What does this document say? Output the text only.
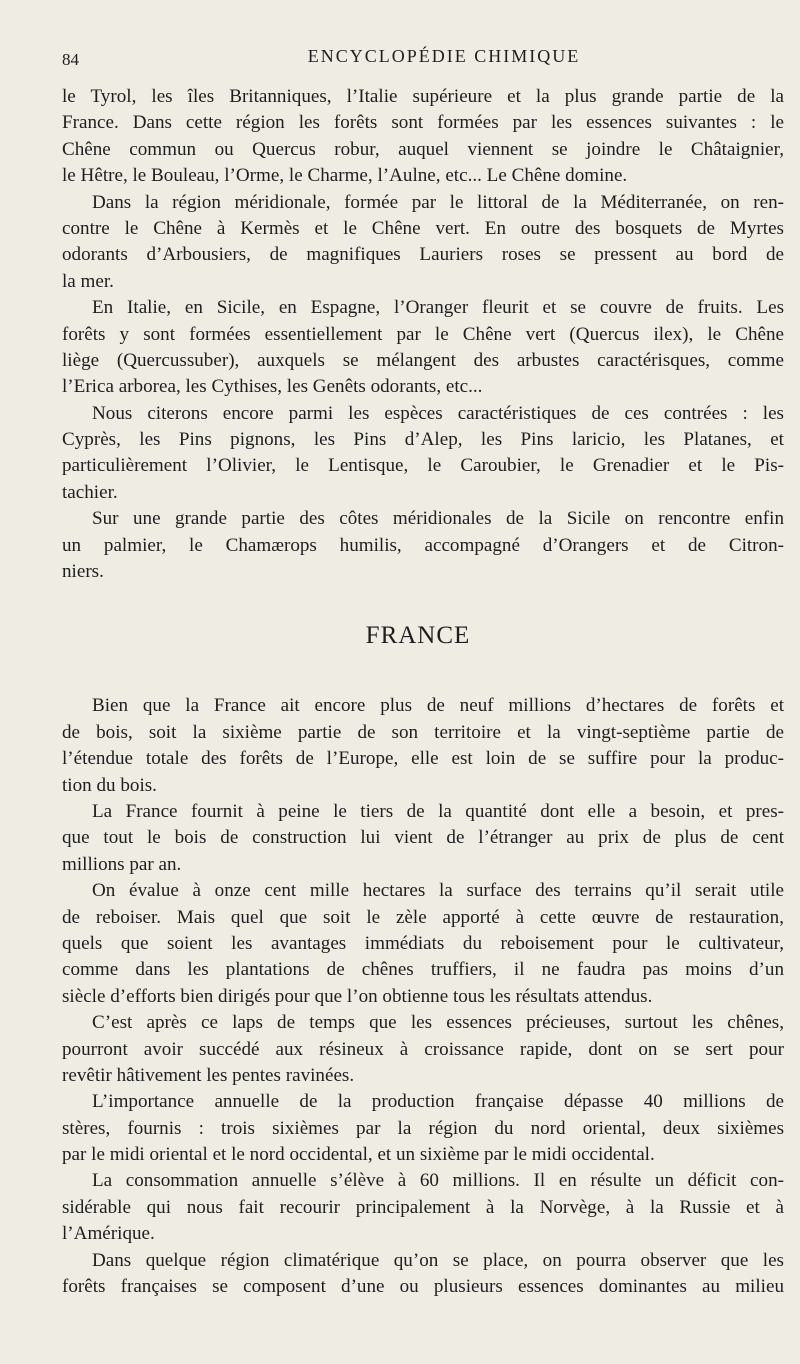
84	ENCYCLOPÉDIE CHIMIQUE
le Tyrol, les îles Britanniques, l’Italie supérieure et la plus grande partie de la
France. Dans cette région les forêts sont formées par les essences suivantes : le
Chêne commun ou Quercus robur, auquel viennent se joindre le Châtaignier,
le Hêtre, le Bouleau, l’Orme, le Charme, l’Aulne, etc... Le Chêne domine.
Dans la région méridionale, formée par le littoral de la Méditerranée, on ren-
contre le Chêne à Kermès et le Chêne vert. En outre des bosquets de Myrtes
odorants d’Arbousiers, de magnifiques Lauriers roses se pressent au bord de
la mer.
En Italie, en Sicile, en Espagne, l’Oranger fleurit et se couvre de fruits. Les
forêts y sont formées essentiellement par le Chêne vert (Quercus ilex), le Chêne
liège (Quercussuber), auxquels se mélangent des arbustes caractérisques, comme
l’Erica arborea, les Cythises, les Genêts odorants, etc...
Nous citerons encore parmi les espèces caractéristiques de ces contrées : les
Cyprès, les Pins pignons, les Pins d’Alep, les Pins laricio, les Platanes, et
particulièrement l’Olivier, le Lentisque, le Caroubier, le Grenadier et le Pis-
tachier.
Sur une grande partie des côtes méridionales de la Sicile on rencontre enfin
un palmier, le Chamærops humilis, accompagné d’Orangers et de Citron-
niers.
FRANCE
Bien que la France ait encore plus de neuf millions d’hectares de forêts et
de bois, soit la sixième partie de son territoire et la vingt-septième partie de
l’étendue totale des forêts de l’Europe, elle est loin de se suffire pour la produc-
tion du bois.
La France fournit à peine le tiers de la quantité dont elle a besoin, et pres-
que tout le bois de construction lui vient de l’étranger au prix de plus de cent
millions par an.
On évalue à onze cent mille hectares la surface des terrains qu’il serait utile
de reboiser. Mais quel que soit le zèle apporté à cette œuvre de restauration,
quels que soient les avantages immédiats du reboisement pour le cultivateur,
comme dans les plantations de chênes truffiers, il ne faudra pas moins d’un
siècle d’efforts bien dirigés pour que l’on obtienne tous les résultats attendus.
C’est après ce laps de temps que les essences précieuses, surtout les chênes,
pourront avoir succédé aux résineux à croissance rapide, dont on se sert pour
revêtir hâtivement les pentes ravinées.
L’importance annuelle de la production française dépasse 40 millions de
stères, fournis : trois sixièmes par la région du nord oriental, deux sixièmes
par le midi oriental et le nord occidental, et un sixième par le midi occidental.
La consommation annuelle s’élève à 60 millions. Il en résulte un déficit con-
sidérable qui nous fait recourir principalement à la Norvège, à la Russie et à
l’Amérique.
Dans quelque région climatérique qu’on se place, on pourra observer que les
forêts françaises se composent d’une ou plusieurs essences dominantes au milieu
